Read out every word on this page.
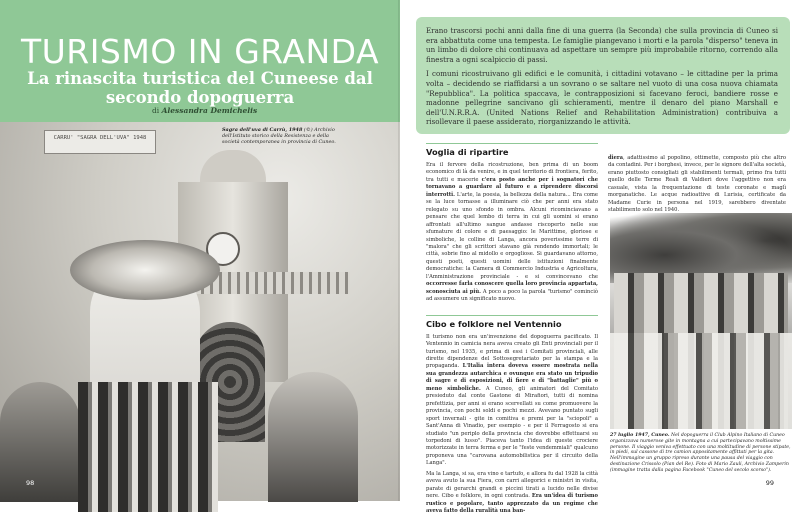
TURISMO IN GRANDA
La rinascita turistica del Cuneese dal secondo dopoguerra
di Alessandra Demichelis
CARRU' "SAGRA DELL'UVA" 1948
Sagra dell'uva di Carrù, 1948 (©) Archivio dell'Istituto storico della Resistenza e della società contemporanea in provincia di Cuneo.
98

Erano trascorsi pochi anni dalla fine di una guerra (la Seconda) che sulla provincia di Cuneo si era abbattuta come una tempesta. Le famiglie piangevano i morti e la parola "disperso" teneva in un limbo di dolore chi continuava ad aspettare un sempre più improbabile ritorno, correndo alla finestra a ogni scalpiccio di passi.

I comuni ricostruivano gli edifici e le comunità, i cittadini votavano – le cittadine per la prima volta – decidendo se riaffidarsi a un sovrano o se saltare nel vuoto di una cosa nuova chiamata "Repubblica". La politica spaccava, le contrapposizioni si facevano feroci, bandiere rosse e madonne pellegrine sancivano gli schieramenti, mentre il denaro del piano Marshall e dell'U.N.R.R.A. (United Nations Relief and Rehabilitation Administration) contribuiva a risollevare il paese assiderato, riorganizzando le attività.

Voglia di ripartire

Era il fervore della ricostruzione, ben prima di un boom economico di là da venire, e in quel territorio di frontiera, ferito, tra tutti e macerie c'era posto anche per i sognatori che tornavano a guardare al futuro e a riprendere discorsi interrotti. L'arte, la poesia, la bellezza della natura... Era come se la luce tornasse a illuminare ciò che per anni era stato relegato su uno sfondo in ombra. Alcuni ricominciavano a pensare che quel lembo di terra in cui gli uomini si erano affrontati all'ultimo sangue andasse riscoperto nelle sue sfumature di colore e di paesaggio: le Marittime, gloriose e simboliche, le colline di Langa, ancora poverissime terre di "malora" che gli scrittori stavano già rendendo immortali; le città, sobrie fino al midollo e orgogliose. Si guardavano attorno, questi poeti, questi uomini delle istituzioni finalmente democratiche: la Camera di Commercio Industria e Agricoltura, l'Amministrazione provinciale - e si convincevano che occorresse farla conoscere quella loro provincia appartata, sconosciuta ai più. A poco a poco la parola "turismo" cominciò ad assumere un significato nuovo.

Cibo e folklore nel Ventennio

Il turismo non era un'invenzione del dopoguerra pacificato. Il Ventennio in camicia nera aveva creato gli Enti provinciali per il turismo, nel 1935, e prima di essi i Comitati provinciali, alle dirette dipendenze del Sottosegretariato per la stampa e la propaganda. L'Italia intera doveva essere mostrata nella sua grandezza autarchica e ovunque era stato un tripudio di sagre e di esposizioni, di fiere e di "battaglie" più o meno simboliche. A Cuneo, gli animatori del Comitato presieduto dal conte Gastone di Mirafiori, tutti di nomina prefettizia, per anni si erano scervellati su come promuovere la provincia, con pochi soldi e pochi mezzi. Avevano puntato sugli sport invernali - gite in comitiva e premi per la "sciopoli" a Sant'Anna di Vinadio, per esempio - e per il Ferragosto si era studiato "un periplo della provincia che dovrebbe effettuarsi su torpedoni di lusso". Piaceva tanto l'idea di queste crociere motorizzate in terra ferma e per le "feste vendemmiali" qualcuno proponeva una "carovana automobilistica per il circuito della Langa".

Ma la Langa, si sa, era vino e tartufo, e allora fu dal 1928 la città aveva avuto la sua Fiera, con carri allegorici e ministri in visita, parate di gerarchi grandi e piccini tirati a lucido nelle divise nere. Cibo e folklore, in ogni contrada. Era un'idea di turismo rustico e popolare, tanto apprezzato da un regime che aveva fatto della ruralità una ban-

diera, adattissimo al popolino, ottimette, composto più che altro da contadini. Per i borghesi, invece, per le signore dell'alta società, erano piuttosto consigliati gli stabilimenti termali, primo fra tutti quello delle Terme Reali di Valdieri dove l'aggettivo non era casuale, vista la frequentazione di teste coronate e maglì morganatiche. Le acque radioattive di Lurisia, certificate da Madame Curie in persona nel 1919, sarebbero diventate stabilimento solo nel 1940.

27 luglio 1947, Cuneo. Nel dopoguerra il Club Alpino Italiano di Cuneo organizzava numerose gite in montagna a cui partecipavano moltissime persone. Il viaggio veniva effettuato con una moltitudine di persone stipate, in piedi, sul cassone di tre camion appositamente affittati per la gita. Nell'immagine un gruppo ripreso durante una pausa del viaggio con destinazione Crissolo (Pian del Re). Foto di Mario Zauli, Archivio Zamperin (immagine tratta dalla pagina Facebook "Cuneo del secolo scorso").
99
